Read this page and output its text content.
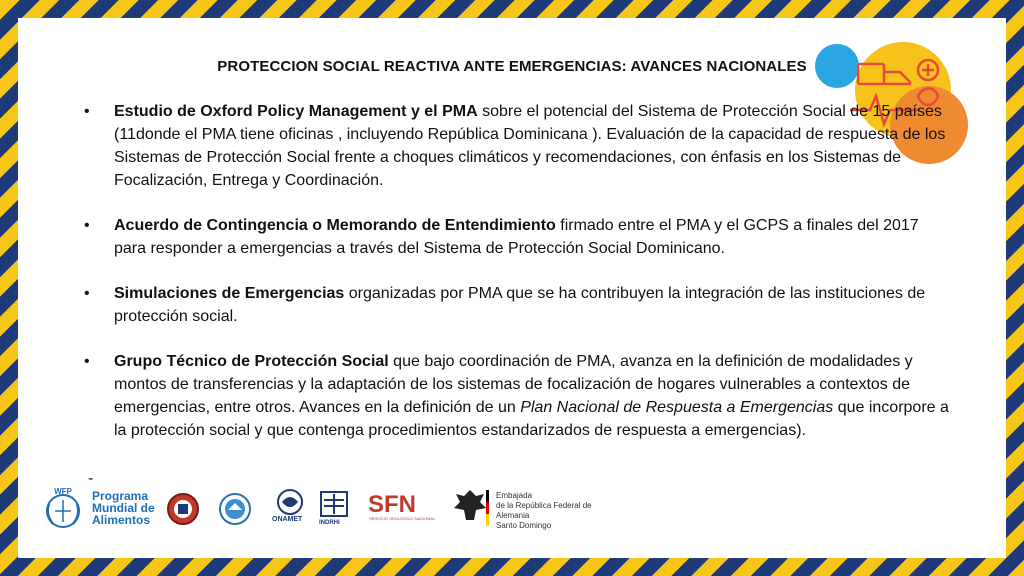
PROTECCION SOCIAL REACTIVA ANTE EMERGENCIAS: AVANCES NACIONALES
• Estudio de Oxford Policy Management y el PMA sobre el potencial del Sistema de Protección Social de 15 países (11donde el PMA tiene oficinas , incluyendo República Dominicana ). Evaluación de la capacidad de respuesta de los Sistemas de Protección Social frente a choques climáticos y recomendaciones, con énfasis en los Sistemas de Focalización, Entrega y Coordinación.
• Acuerdo de Contingencia o Memorando de Entendimiento firmado entre el PMA y el GCPS a finales del 2017 para responder a emergencias a través del Sistema de Protección Social Dominicano.
• Simulaciones de Emergencias organizadas por PMA que se ha contribuyen la integración de las instituciones de protección social.
• Grupo Técnico de Protección Social que bajo coordinación de PMA, avanza en la definición de modalidades y montos de transferencias y la adaptación de los sistemas de focalización de hogares vulnerables a contextos de emergencias, entre otros. Avances en la definición de un Plan Nacional de Respuesta a Emergencias que incorpore a la protección social y que contenga procedimientos estandarizados de respuesta a emergencias).
-
WFP Programa
Mundial de
Alimentos	ONAMET	INDRHI
SFN
SERVICIO GEOLÓGICO NACIONAL
Embajada
de la República Federal de Alemania
Santo Domingo
